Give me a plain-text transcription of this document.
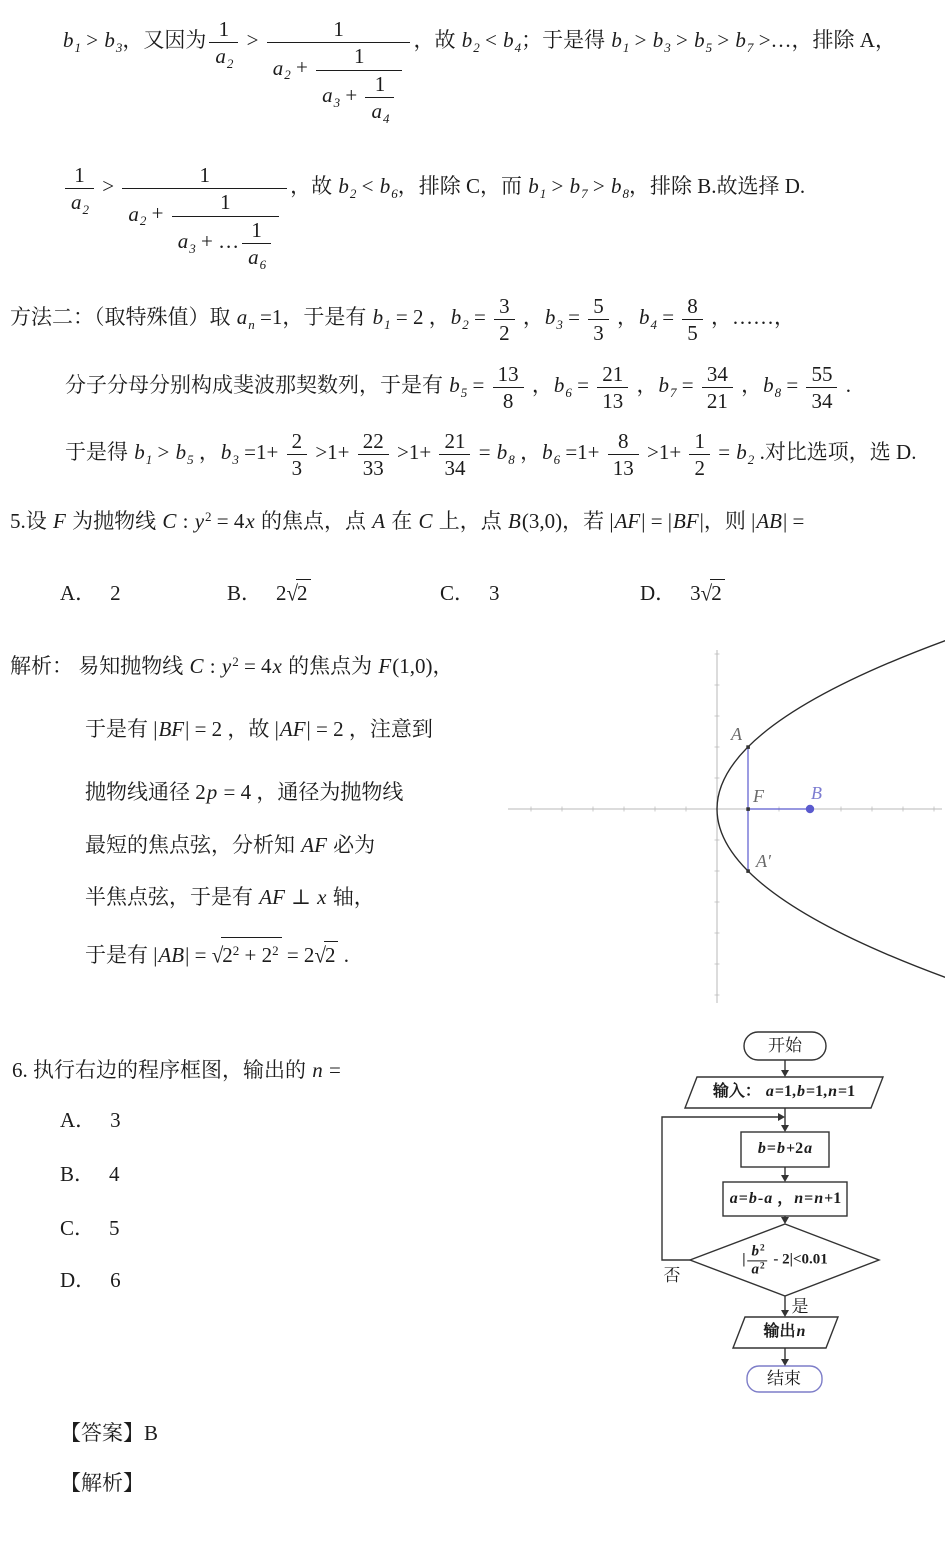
$b_1 > b_3$，又因为 $\frac{1}{a_2} > \frac{1}{a_2 + \frac{1}{a_3 + \frac{1}{a_4}}}$ ，故 $b_2 < b_4$；于是得 $b_1 > b_3 > b_5 > b_7$ >…，排除 A，
$\frac{1}{a_2} > \frac{1}{a_2 + \frac{1}{a_3 + \dots \frac{1}{a_6}}}$ ，故 $b_2 < b_6$，排除 C，而 $b_1 > b_7 > b_8$，排除 B.故选择 D.
方法二：（取特殊值）取 $a_n =1$，于是有 $b_1 = 2$ ，$b_2 = \frac{3}{2}$ ，$b_3 = \frac{5}{3}$ ，$b_4 = \frac{8}{5}$ ，……，
分子分母分别构成斐波那契数列，于是有 $b_5 = \frac{13}{8}$ ，$b_6 = \frac{21}{13}$ ，$b_7 = \frac{34}{21}$ ，$b_8 = \frac{55}{34}$ .
于是得 $b_1 > b_5$ ，$b_3 =1+ \frac{2}{3} >1+ \frac{22}{33} >1+ \frac{21}{34} = b_8$ ，$b_6 =1+ \frac{8}{13} >1+ \frac{1}{2} = b_2$ .对比选项，选 D.
5.设 F 为抛物线 C : $y^2 = 4x$ 的焦点，点 A 在 C 上，点 B(3,0)，若 |AF| = |BF|，则 |AB| =
A． 2	B． 2√2	C． 3	D． 3√2
解析： 易知抛物线 C : $y^2 = 4x$ 的焦点为 F(1,0)，
于是有 |BF| = 2 ，故 |AF| = 2 ，注意到
抛物线通径 2p = 4 ，通径为抛物线
最短的焦点弦，分析知 AF 必为
半焦点弦，于是有 AF ⊥ x 轴，
于是有 $|AB| = √2^2 + 2^2 = 2√2$ .
A
F	B
A′
6. 执行右边的程序框图，输出的 n =
A． 3
B． 4
C． 5
D． 6
开始
输入： a=1,b=1,n=1
b=b+2a
a=b-a ，n=n+1
| $\frac{b^2}{a^2} - 2|<0.01$
否
是
输出n
结束
【答案】B
【解析】
